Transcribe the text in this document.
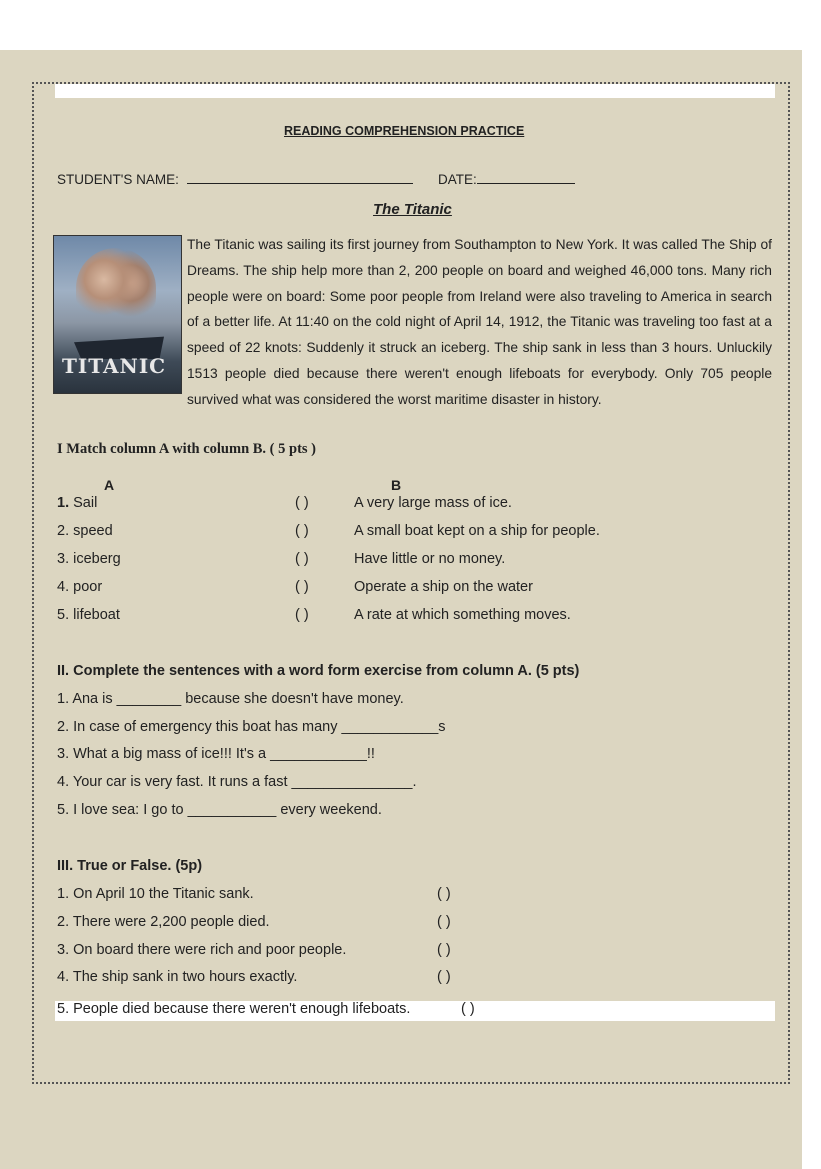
READING COMPREHENSION PRACTICE
STUDENT'S NAME:	DATE:
The Titanic
TITANIC
The Titanic was sailing its first journey from Southampton to New York. It was called The Ship of Dreams. The ship help more than 2, 200 people on board and weighed 46,000 tons. Many rich people were on board: Some poor people from Ireland were also traveling to America in search of a better life. At 11:40 on the cold night of April 14, 1912, the Titanic was traveling too fast at a speed of 22 knots: Suddenly it struck an iceberg. The ship sank in less than 3 hours. Unluckily 1513 people died because there weren't enough lifeboats for everybody. Only 705 people survived what was considered the worst maritime disaster in history.
I Match column A with column B. ( 5 pts )
A	B
1. Sail	( )	A very large mass of ice.
2. speed	( )	A small boat kept on a ship for people.
3. iceberg	( )	Have little or no money.
4. poor	( )	Operate a ship on the water
5. lifeboat	( )	A rate at which something moves.
II. Complete the sentences with a word form exercise from column A. (5 pts)
1. Ana is ________ because she doesn't have money.
2. In case of emergency this boat has many ____________s
3. What a big mass of ice!!! It's a ____________!!
4. Your car is very fast. It runs a fast _______________.
5. I love sea: I go to ___________ every weekend.
III. True or False. (5p)
1. On April 10 the Titanic sank.	( )
2. There were 2,200 people died.	( )
3. On board there were rich and poor people.	( )
4. The ship sank in two hours exactly.	( )
5. People died because there weren't enough lifeboats.	( )
